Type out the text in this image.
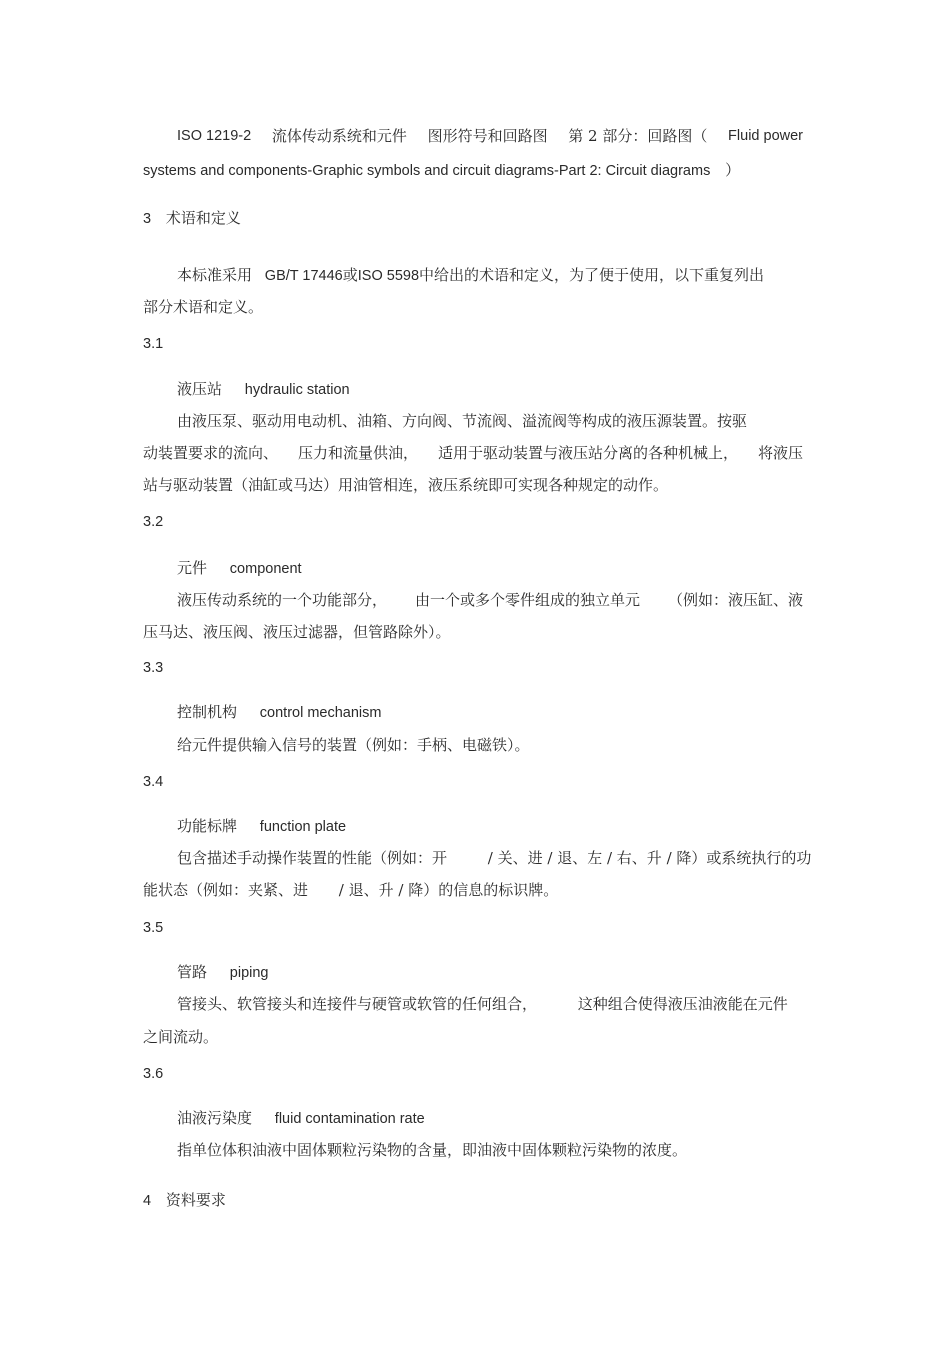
ISO 1219-2 流体传动系统和元件 图形符号和回路图 第 2 部分：回路图（ Fluid power
systems and components-Graphic symbols and circuit diagrams-Part 2: Circuit diagrams ）
3 术语和定义
本标准采用 GB/T 17446或ISO 5598中给出的术语和定义，为了便于使用，以下重复列出
部分术语和定义。
3.1
液压站 hydraulic station
由液压泵、驱动用电动机、油箱、方向阀、节流阀、溢流阀等构成的液压源装置。按驱
动装置要求的流向、 压力和流量供油， 适用于驱动装置与液压站分离的各种机械上， 将液压
站与驱动装置（油缸或马达）用油管相连，液压系统即可实现各种规定的动作。
3.2
元件 component
液压传动系统的一个功能部分， 由一个或多个零件组成的独立单元 （例如：液压缸、液
压马达、液压阀、液压过滤器，但管路除外）。
3.3
控制机构 control mechanism
给元件提供输入信号的装置（例如：手柄、电磁铁）。
3.4
功能标牌 function plate
包含描述手动操作装置的性能（例如：开	/ 关、进 / 退、左 / 右、升 / 降）或系统执行的功
能状态（例如：夹紧、进 / 退、升 / 降）的信息的标识牌。
3.5
管路 piping
管接头、软管接头和连接件与硬管或软管的任何组合，	这种组合使得液压油液能在元件
之间流动。
3.6
油液污染度 fluid contamination rate
指单位体积油液中固体颗粒污染物的含量，即油液中固体颗粒污染物的浓度。
4 资料要求
